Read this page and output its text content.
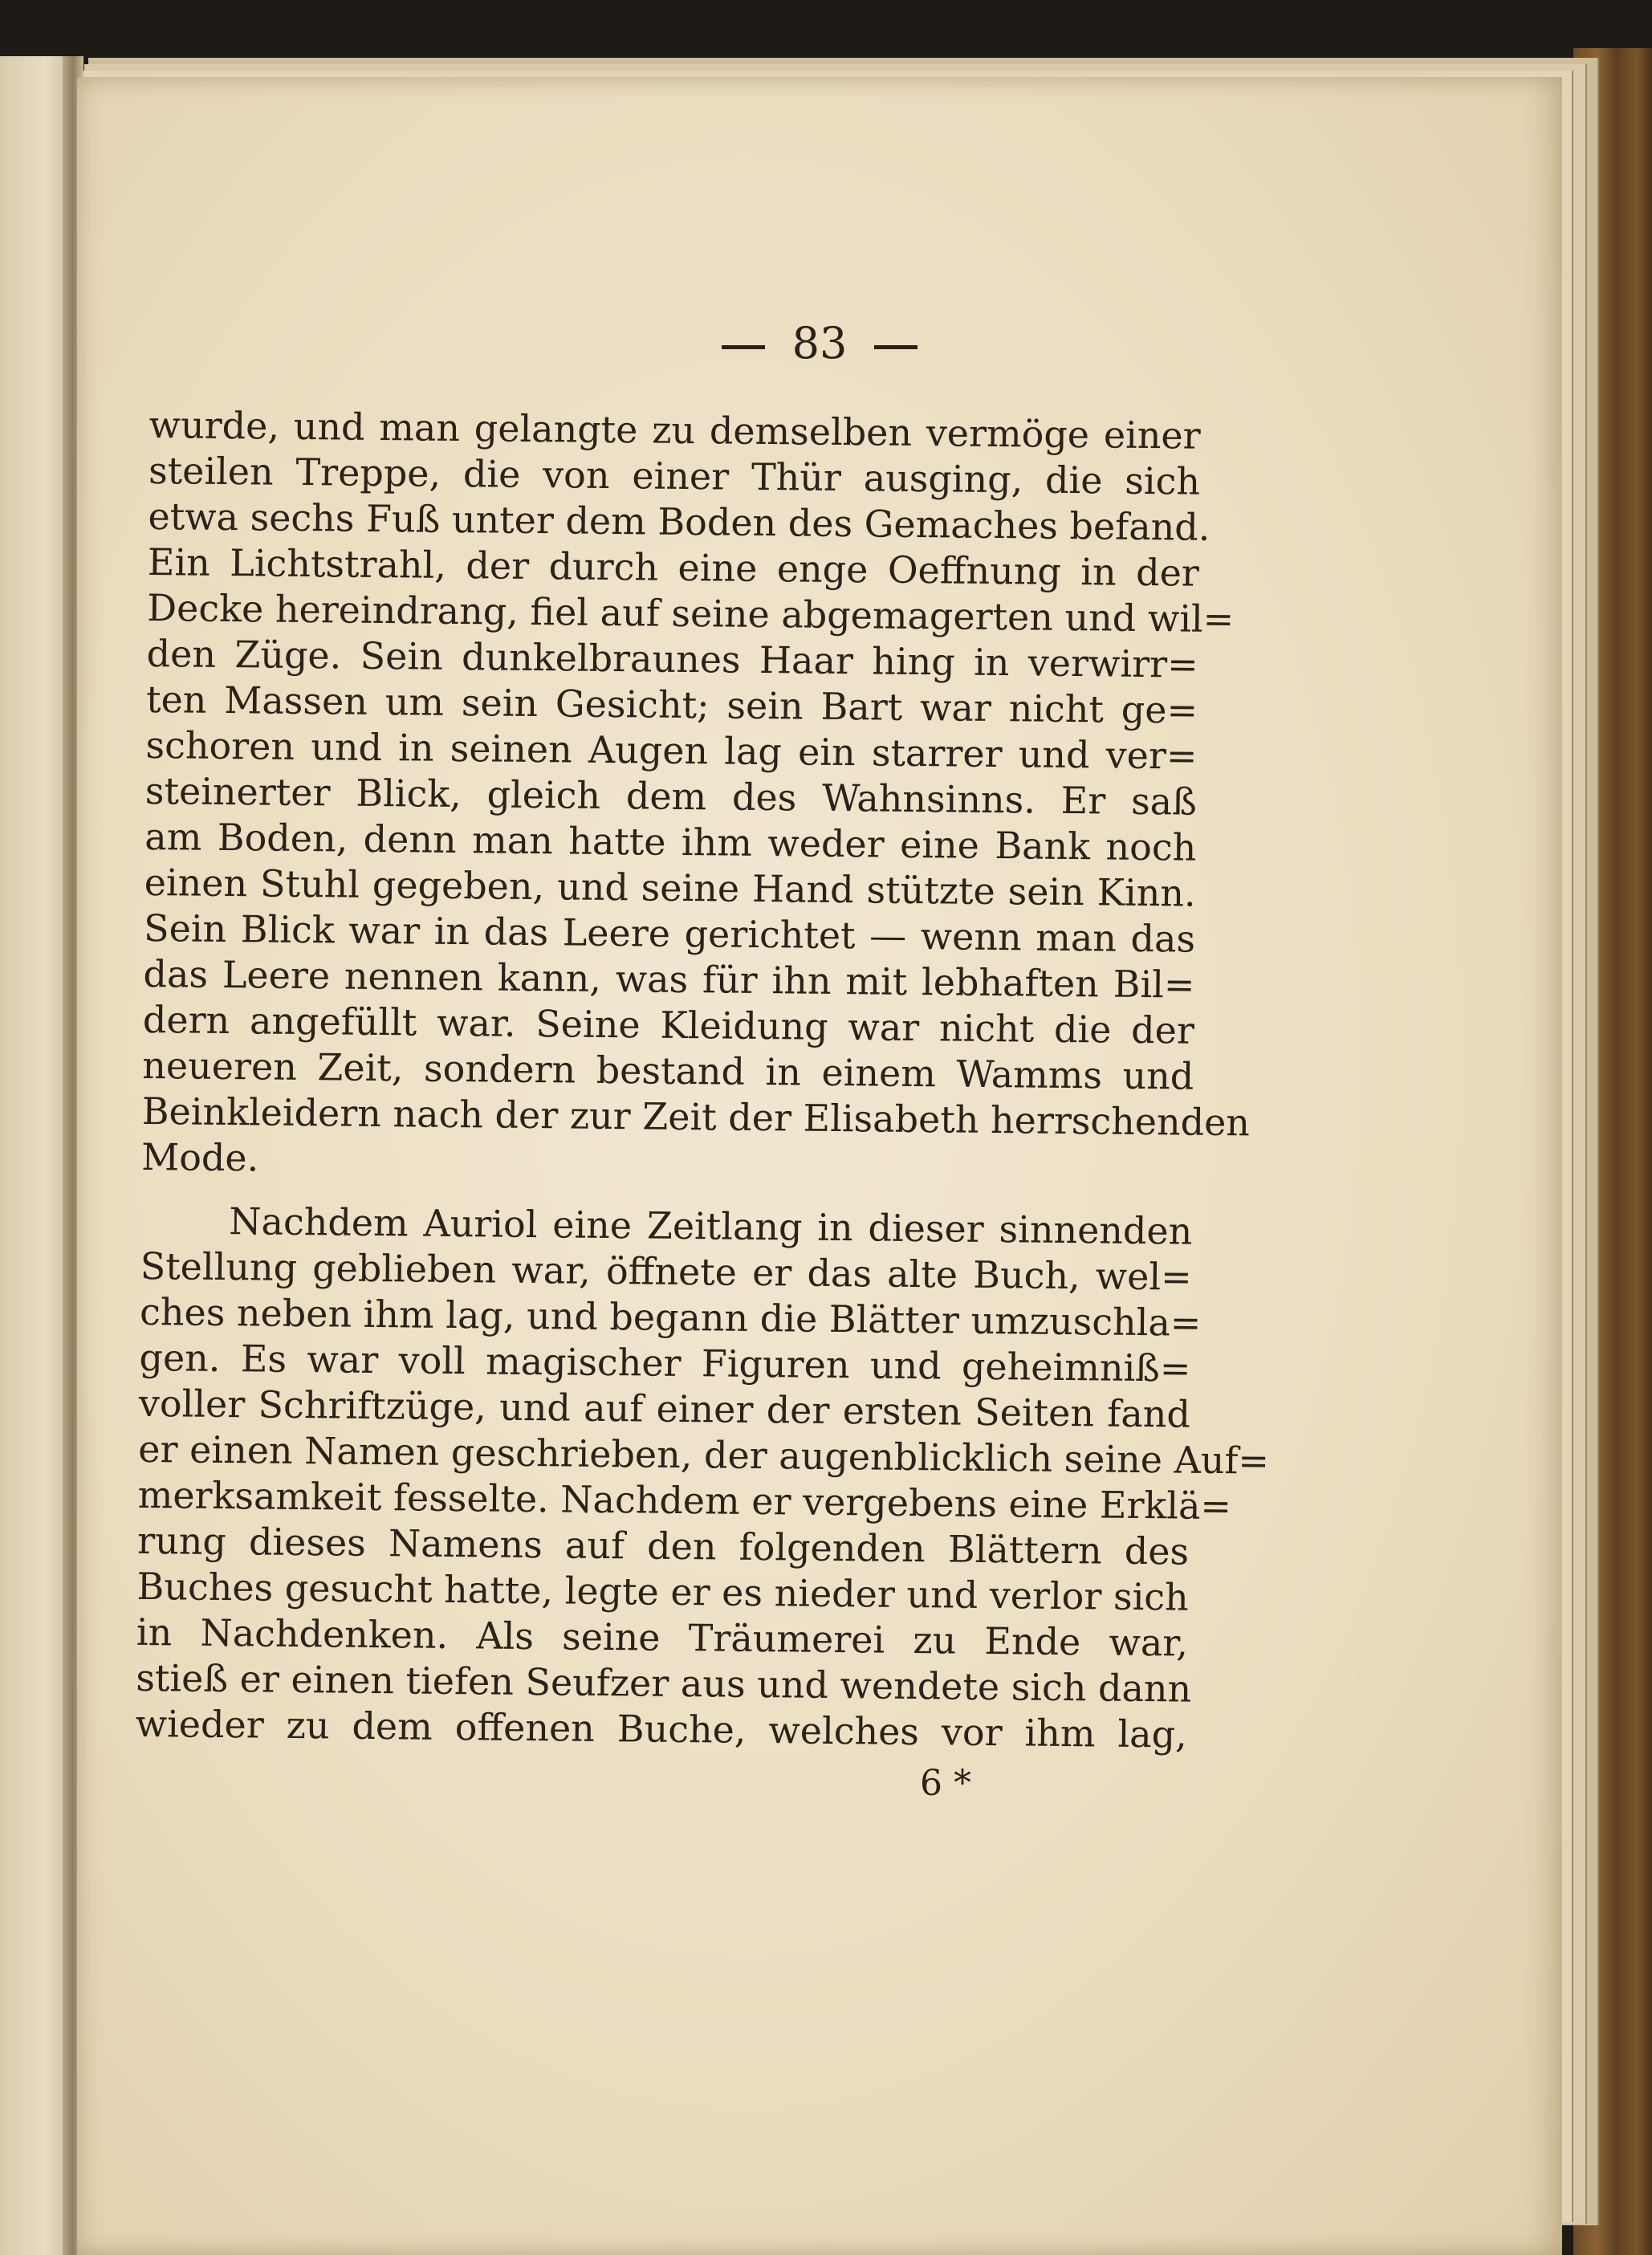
83
wurde, und man gelangte zu demselben vermöge einer
steilen Treppe, die von einer Thür ausging, die sich
etwa sechs Fuß unter dem Boden des Gemaches befand.
Ein Lichtstrahl, der durch eine enge Oeffnung in der
Decke hereindrang, fiel auf seine abgemagerten und wil=
den Züge. Sein dunkelbraunes Haar hing in verwirr=
ten Massen um sein Gesicht; sein Bart war nicht ge=
schoren und in seinen Augen lag ein starrer und ver=
steinerter Blick, gleich dem des Wahnsinns. Er saß
am Boden, denn man hatte ihm weder eine Bank noch
einen Stuhl gegeben, und seine Hand stützte sein Kinn.
Sein Blick war in das Leere gerichtet — wenn man das
das Leere nennen kann, was für ihn mit lebhaften Bil=
dern angefüllt war. Seine Kleidung war nicht die der
neueren Zeit, sondern bestand in einem Wamms und
Beinkleidern nach der zur Zeit der Elisabeth herrschenden
Mode.
Nachdem Auriol eine Zeitlang in dieser sinnenden
Stellung geblieben war, öffnete er das alte Buch, wel=
ches neben ihm lag, und begann die Blätter umzuschla=
gen. Es war voll magischer Figuren und geheimniß=
voller Schriftzüge, und auf einer der ersten Seiten fand
er einen Namen geschrieben, der augenblicklich seine Auf=
merksamkeit fesselte. Nachdem er vergebens eine Erklä=
rung dieses Namens auf den folgenden Blättern des
Buches gesucht hatte, legte er es nieder und verlor sich
in Nachdenken. Als seine Träumerei zu Ende war,
stieß er einen tiefen Seufzer aus und wendete sich dann
wieder zu dem offenen Buche, welches vor ihm lag,
6 *
